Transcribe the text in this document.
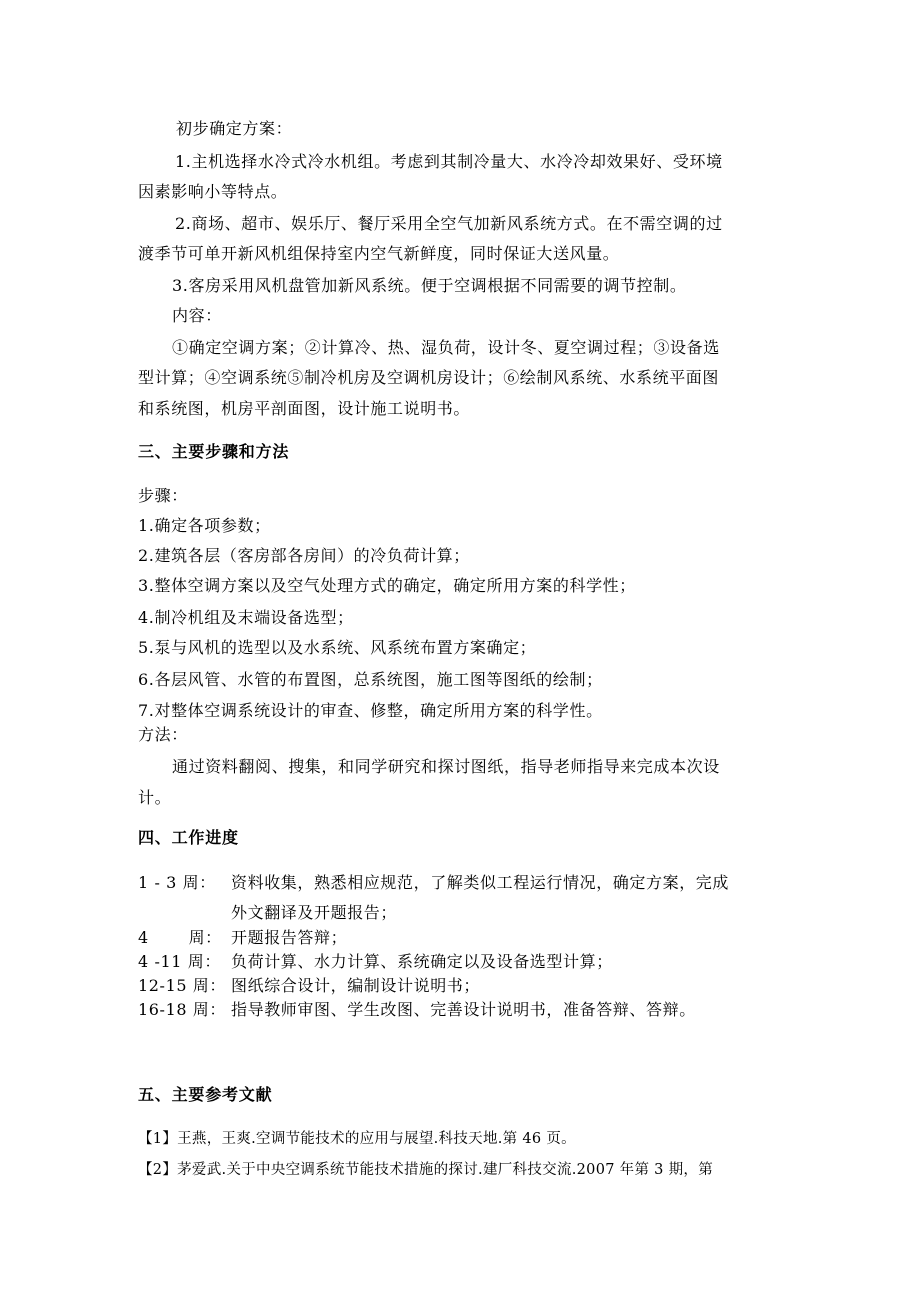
初步确定方案：
1.主机选择水冷式冷水机组。考虑到其制冷量大、水冷冷却效果好、受环境
因素影响小等特点。
2.商场、超市、娱乐厅、餐厅采用全空气加新风系统方式。在不需空调的过
渡季节可单开新风机组保持室内空气新鲜度，同时保证大送风量。
3.客房采用风机盘管加新风系统。便于空调根据不同需要的调节控制。
内容：
①确定空调方案；②计算冷、热、湿负荷，设计冬、夏空调过程；③设备选
型计算；④空调系统⑤制冷机房及空调机房设计；⑥绘制风系统、水系统平面图
和系统图，机房平剖面图，设计施工说明书。
三、主要步骤和方法
步骤：
1.确定各项参数；
2.建筑各层（客房部各房间）的冷负荷计算；
3.整体空调方案以及空气处理方式的确定，确定所用方案的科学性；
4.制冷机组及末端设备选型；
5.泵与风机的选型以及水系统、风系统布置方案确定；
6.各层风管、水管的布置图，总系统图，施工图等图纸的绘制；
7.对整体空调系统设计的审查、修整，确定所用方案的科学性。
方法：
通过资料翻阅、搜集，和同学研究和探讨图纸，指导老师指导来完成本次设
计。
四、工作进度
1 - 3 周： 资料收集，熟悉相应规范，了解类似工程运行情况，确定方案，完成
外文翻译及开题报告；
4       周： 开题报告答辩；
4 -11 周： 负荷计算、水力计算、系统确定以及设备选型计算；
12-15 周： 图纸综合设计，编制设计说明书；
16-18 周： 指导教师审图、学生改图、完善设计说明书，准备答辩、答辩。
五、主要参考文献
【1】王燕，王爽.空调节能技术的应用与展望.科技天地.第 46 页。
【2】茅爱武.关于中央空调系统节能技术措施的探讨.建厂科技交流.2007 年第 3 期，第
